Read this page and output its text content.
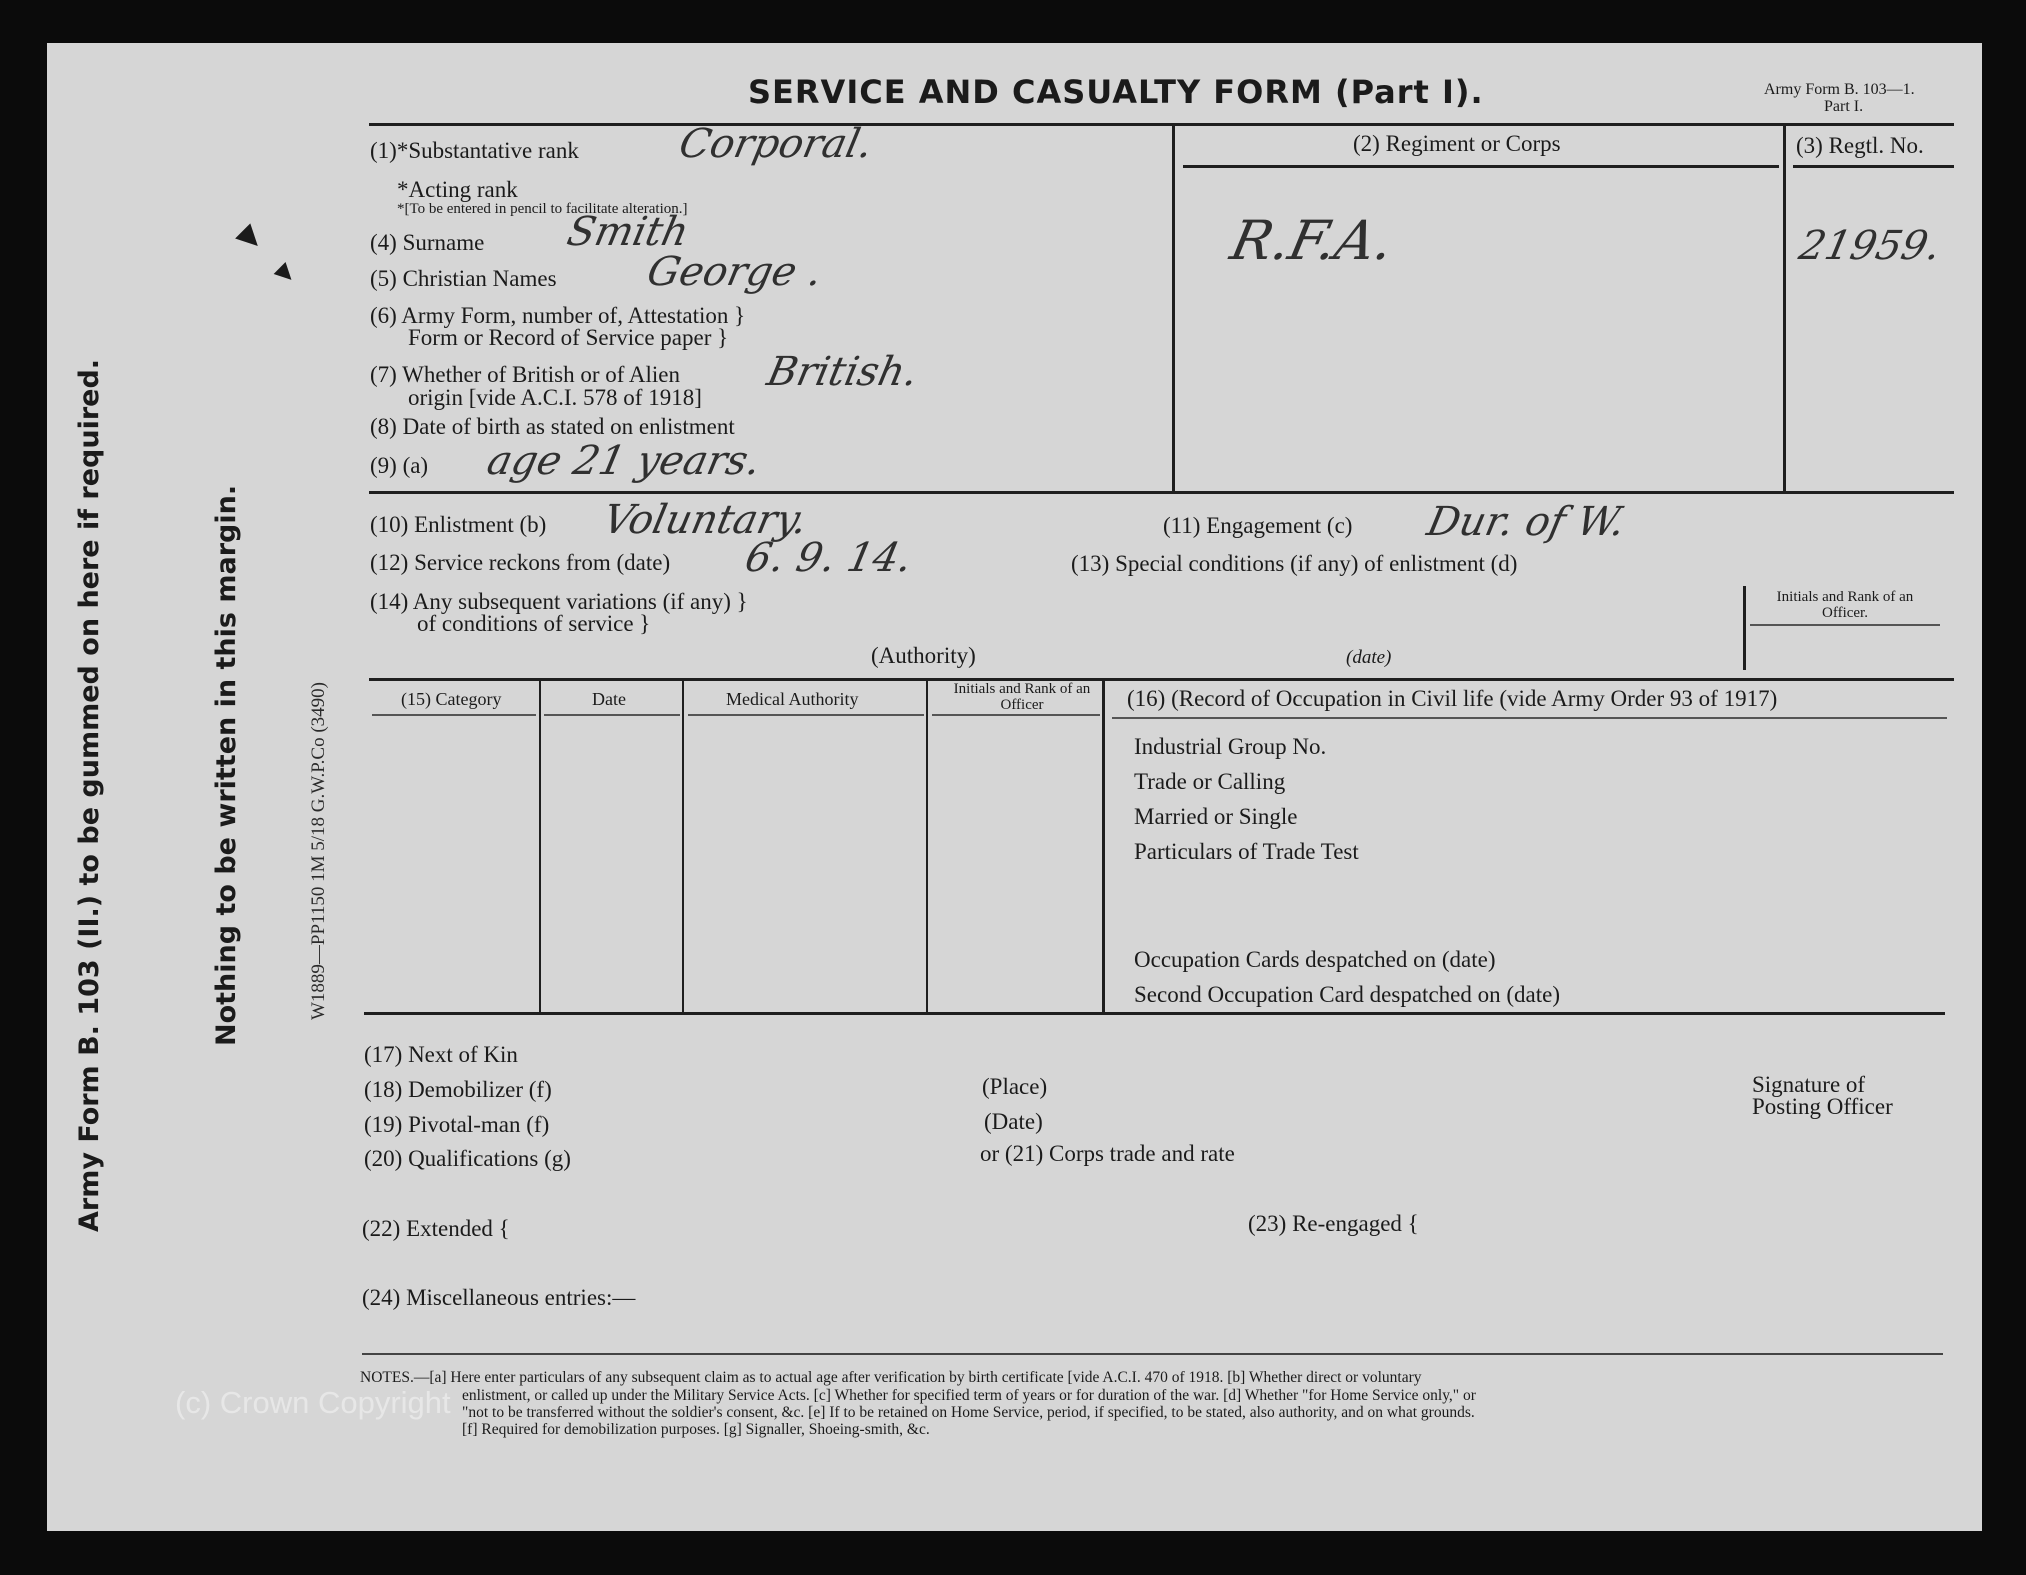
SERVICE AND CASUALTY FORM (Part I).	Army Form B. 103—1.
Part I.
Army Form B. 103 (II.) to be gummed on here if required.	Nothing to be written in this margin.	W1889—PP1150 1M 5/18 G.W.P.Co (3490)
▶
▶
(1)*Substantative rank Corporal.
*Acting rank
*[To be entered in pencil to facilitate alteration.]
(4) Surname Smith
(5) Christian Names George .
(6) Army Form, number of, Attestation }
Form or Record of Service paper }
(7) Whether of British or of Alien
origin [vide A.C.I. 578 of 1918]
British.
(8) Date of birth as stated on enlistment
(9) (a) age 21 years.
(2) Regiment or Corps
R.F.A.
(3) Regtl. No.
21959.
(10) Enlistment (b) Voluntary.	(11) Engagement (c) Dur. of W.
(12) Service reckons from (date) 6. 9. 14.	(13) Special conditions (if any) of enlistment (d)
(14) Any subsequent variations (if any) }
of conditions of service }
(Authority)	(date)
Initials and Rank of an Officer.
(15) Category	Date	Medical Authority	Initials and Rank of an Officer	(16) (Record of Occupation in Civil life (vide Army Order 93 of 1917)
Industrial Group No.
Trade or Calling
Married or Single
Particulars of Trade Test
Occupation Cards despatched on (date)
Second Occupation Card despatched on (date)
(17) Next of Kin
(18) Demobilizer (f)
(19) Pivotal-man (f)
(20) Qualifications (g)
(Place)
(Date)
or (21) Corps trade and rate
Signature of
Posting Officer
(22) Extended {	(23) Re-engaged {
(24) Miscellaneous entries:—
NOTES.—[a] Here enter particulars of any subsequent claim as to actual age after verification by birth certificate [vide A.C.I. 470 of 1918. [b] Whether direct or voluntary
enlistment, or called up under the Military Service Acts. [c] Whether for specified term of years or for duration of the war. [d] Whether "for Home Service only," or
"not to be transferred without the soldier's consent, &c. [e] If to be retained on Home Service, period, if specified, to be stated, also authority, and on what grounds.
[f] Required for demobilization purposes. [g] Signaller, Shoeing-smith, &c.
(c) Crown Copyright
